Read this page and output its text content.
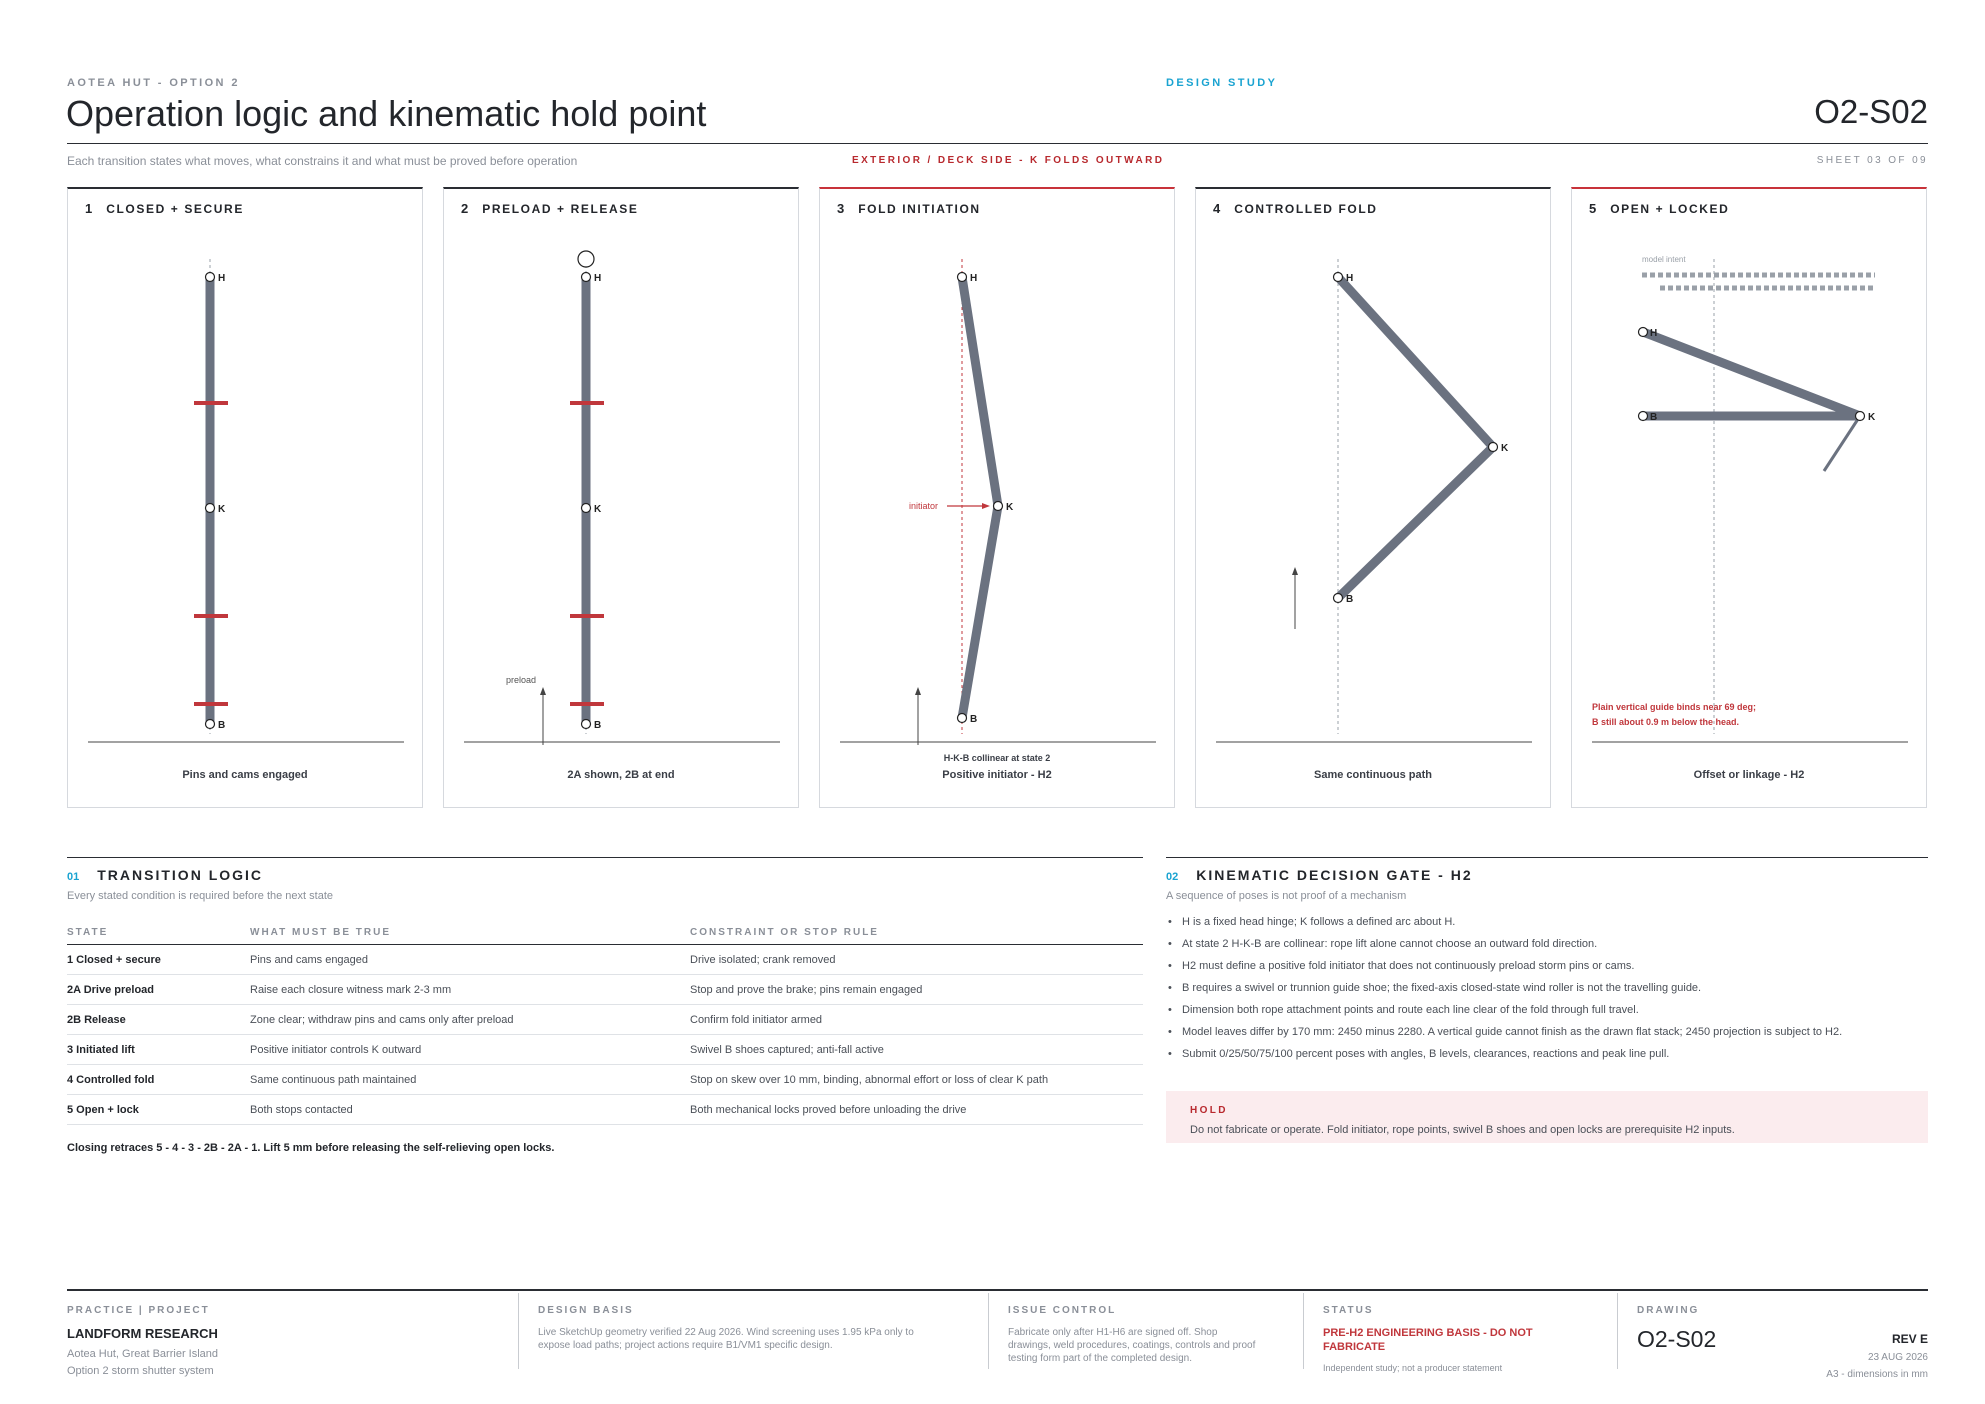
AOTEA HUT - OPTION 2	DESIGN STUDY
Operation logic and kinematic hold point	O2-S02
Each transition states what moves, what constrains it and what must be proved before operation	EXTERIOR / DECK SIDE - K FOLDS OUTWARD	SHEET 03 OF 09
1 CLOSED + SECURE
H
K
B
Pins and cams engaged
2 PRELOAD + RELEASE
preload
H
K
B
2A shown, 2B at end
3 FOLD INITIATION
initiator
H
K
B
H-K-B collinear at state 2
Positive initiator - H2
4 CONTROLLED FOLD
H
K
B
Same continuous path
5 OPEN + LOCKED
model intent
H
K
B
Plain vertical guide binds near 69 deg;
B still about 0.9 m below the head.
Offset or linkage - H2
01 TRANSITION LOGIC
Every stated condition is required before the next state
STATE	WHAT MUST BE TRUE	CONSTRAINT OR STOP RULE
1 Closed + secure	Pins and cams engaged	Drive isolated; crank removed
2A Drive preload	Raise each closure witness mark 2-3 mm	Stop and prove the brake; pins remain engaged
2B Release	Zone clear; withdraw pins and cams only after preload	Confirm fold initiator armed
3 Initiated lift	Positive initiator controls K outward	Swivel B shoes captured; anti-fall active
4 Controlled fold	Same continuous path maintained	Stop on skew over 10 mm, binding, abnormal effort or loss of clear K path
5 Open + lock	Both stops contacted	Both mechanical locks proved before unloading the drive
Closing retraces 5 - 4 - 3 - 2B - 2A - 1. Lift 5 mm before releasing the self-relieving open locks.
02 KINEMATIC DECISION GATE - H2
A sequence of poses is not proof of a mechanism
• H is a fixed head hinge; K follows a defined arc about H.
• At state 2 H-K-B are collinear: rope lift alone cannot choose an outward fold direction.
• H2 must define a positive fold initiator that does not continuously preload storm pins or cams.
• B requires a swivel or trunnion guide shoe; the fixed-axis closed-state wind roller is not the travelling guide.
• Dimension both rope attachment points and route each line clear of the fold through full travel.
• Model leaves differ by 170 mm: 2450 minus 2280. A vertical guide cannot finish as the drawn flat stack; 2450 projection is subject to H2.
• Submit 0/25/50/75/100 percent poses with angles, B levels, clearances, reactions and peak line pull.
HOLD
Do not fabricate or operate. Fold initiator, rope points, swivel B shoes and open locks are prerequisite H2 inputs.
PRACTICE | PROJECT
LANDFORM RESEARCH
Aotea Hut, Great Barrier Island
Option 2 storm shutter system
DESIGN BASIS
Live SketchUp geometry verified 22 Aug 2026. Wind screening uses 1.95 kPa only to
expose load paths; project actions require B1/VM1 specific design.
ISSUE CONTROL
Fabricate only after H1-H6 are signed off. Shop
drawings, weld procedures, coatings, controls and proof
testing form part of the completed design.
STATUS
PRE-H2 ENGINEERING BASIS - DO NOT
FABRICATE
Independent study; not a producer statement
DRAWING
O2-S02	REV E
23 AUG 2026
A3 - dimensions in mm
